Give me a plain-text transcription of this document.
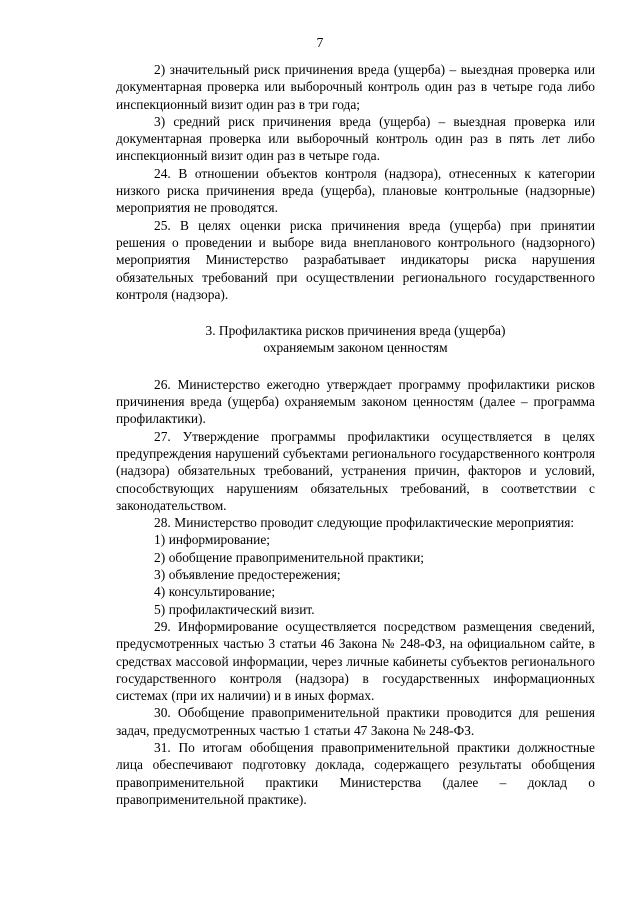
7

2) значительный риск причинения вреда (ущерба) – выездная проверка или документарная проверка или выборочный контроль один раз в четыре года либо инспекционный визит один раз в три года;

3) средний риск причинения вреда (ущерба) – выездная проверка или документарная проверка или выборочный контроль один раз в пять лет либо инспекционный визит один раз в четыре года.

24. В отношении объектов контроля (надзора), отнесенных к категории низкого риска причинения вреда (ущерба), плановые контрольные (надзорные) мероприятия не проводятся.

25. В целях оценки риска причинения вреда (ущерба) при принятии решения о проведении и выборе вида внепланового контрольного (надзорного) мероприятия Министерство разрабатывает индикаторы риска нарушения обязательных требований при осуществлении регионального государственного контроля (надзора).

3. Профилактика рисков причинения вреда (ущерба)
охраняемым законом ценностям

26. Министерство ежегодно утверждает программу профилактики рисков причинения вреда (ущерба) охраняемым законом ценностям (далее – программа профилактики).

27. Утверждение программы профилактики осуществляется в целях предупреждения нарушений субъектами регионального государственного контроля (надзора) обязательных требований, устранения причин, факторов и условий, способствующих нарушениям обязательных требований, в соответствии с законодательством.

28. Министерство проводит следующие профилактические мероприятия:

1) информирование;

2) обобщение правоприменительной практики;

3) объявление предостережения;

4) консультирование;

5) профилактический визит.

29. Информирование осуществляется посредством размещения сведений, предусмотренных частью 3 статьи 46 Закона № 248-ФЗ, на официальном сайте, в средствах массовой информации, через личные кабинеты субъектов регионального государственного контроля (надзора) в государственных информационных системах (при их наличии) и в иных формах.

30. Обобщение правоприменительной практики проводится для решения задач, предусмотренных частью 1 статьи 47 Закона № 248-ФЗ.

31. По итогам обобщения правоприменительной практики должностные лица обеспечивают подготовку доклада, содержащего результаты обобщения правоприменительной практики Министерства (далее – доклад о правоприменительной практике).
